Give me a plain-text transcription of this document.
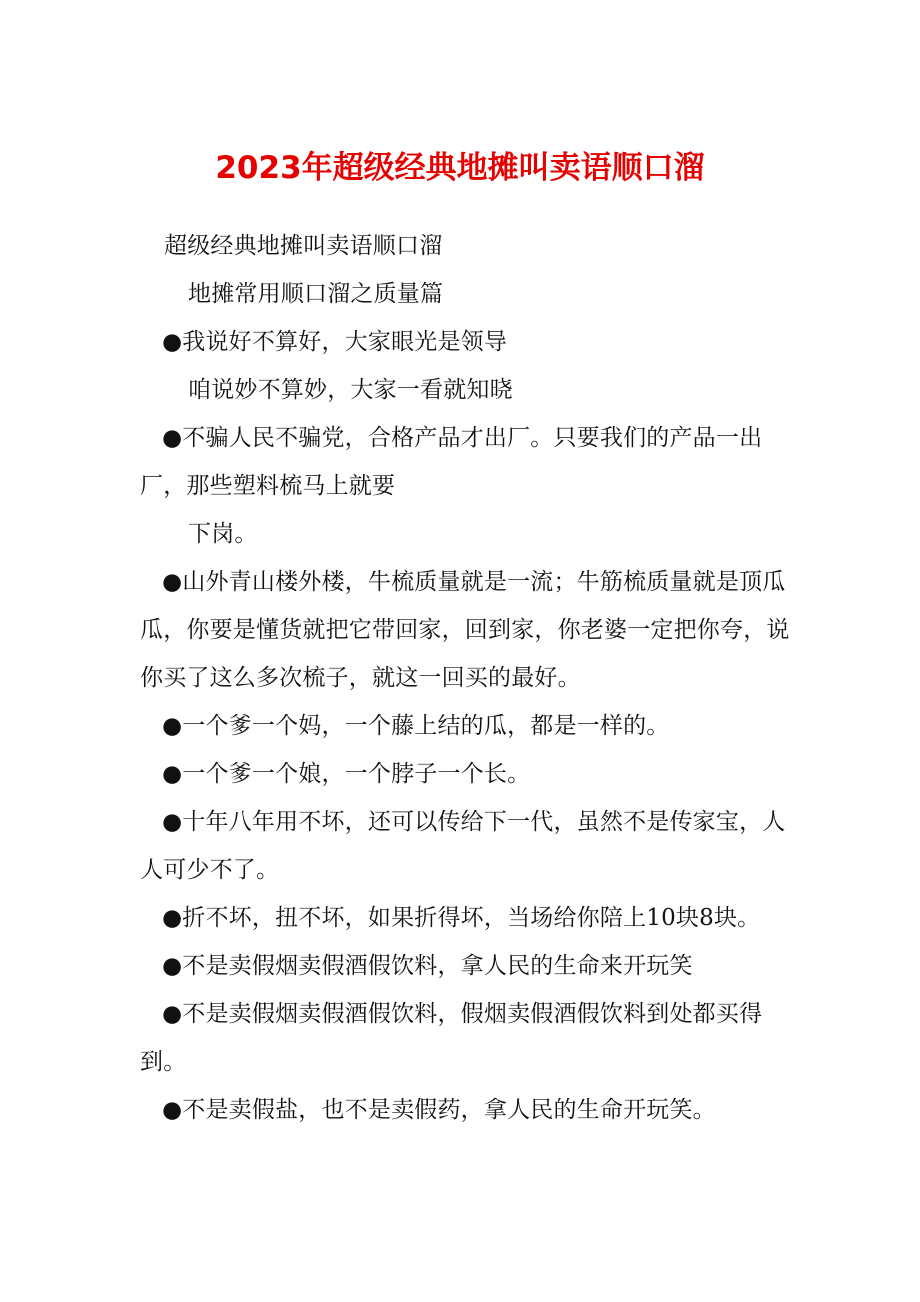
2023年超级经典地摊叫卖语顺口溜

超级经典地摊叫卖语顺口溜

地摊常用顺口溜之质量篇

●我说好不算好，大家眼光是领导

咱说妙不算妙，大家一看就知晓

●不骗人民不骗党，合格产品才出厂。只要我们的产品一出厂，那些塑料梳马上就要

下岗。

●山外青山楼外楼，牛梳质量就是一流；牛筋梳质量就是顶瓜瓜，你要是懂货就把它带回家，回到家，你老婆一定把你夸，说你买了这么多次梳子，就这一回买的最好。

●一个爹一个妈，一个藤上结的瓜，都是一样的。

●一个爹一个娘，一个脖子一个长。

●十年八年用不坏，还可以传给下一代，虽然不是传家宝，人人可少不了。

●折不坏，扭不坏，如果折得坏，当场给你陪上10块8块。

●不是卖假烟卖假酒假饮料，拿人民的生命来开玩笑

●不是卖假烟卖假酒假饮料，假烟卖假酒假饮料到处都买得到。

●不是卖假盐，也不是卖假药，拿人民的生命开玩笑。
